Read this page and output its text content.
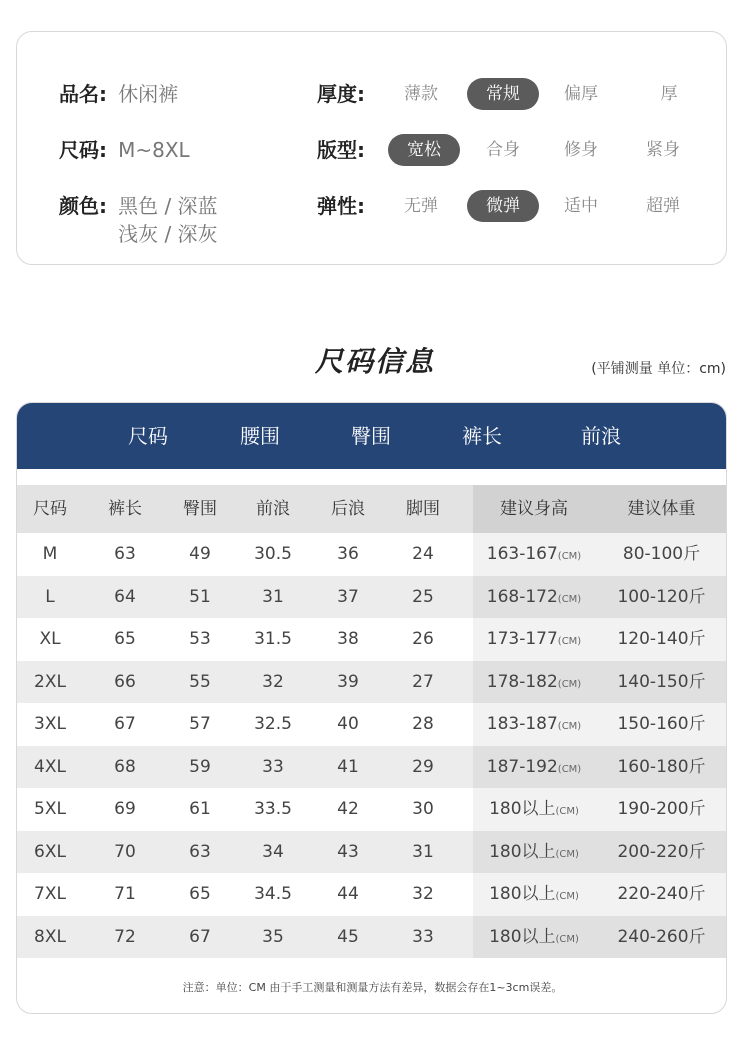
品名: 休闲裤
尺码: M~8XL
颜色: 黑色 / 深蓝
浅灰 / 深灰
厚度:	薄款	常规	偏厚	厚
版型:	宽松	合身	修身	紧身
弹性:	无弹	微弹	适中	超弹
尺码信息	(平铺测量 单位：cm)
尺码	腰围	臀围	裤长	前浪
尺码	裤长	臀围	前浪	后浪	脚围	建议身高	建议体重
M	63	49	30.5	36	24	163-167(CM)	80-100斤
L	64	51	31	37	25	168-172(CM)	100-120斤
XL	65	53	31.5	38	26	173-177(CM)	120-140斤
2XL	66	55	32	39	27	178-182(CM)	140-150斤
3XL	67	57	32.5	40	28	183-187(CM)	150-160斤
4XL	68	59	33	41	29	187-192(CM)	160-180斤
5XL	69	61	33.5	42	30	180以上(CM)	190-200斤
6XL	70	63	34	43	31	180以上(CM)	200-220斤
7XL	71	65	34.5	44	32	180以上(CM)	220-240斤
8XL	72	67	35	45	33	180以上(CM)	240-260斤
注意：单位：CM 由于手工测量和测量方法有差异，数据会存在1~3cm误差。
